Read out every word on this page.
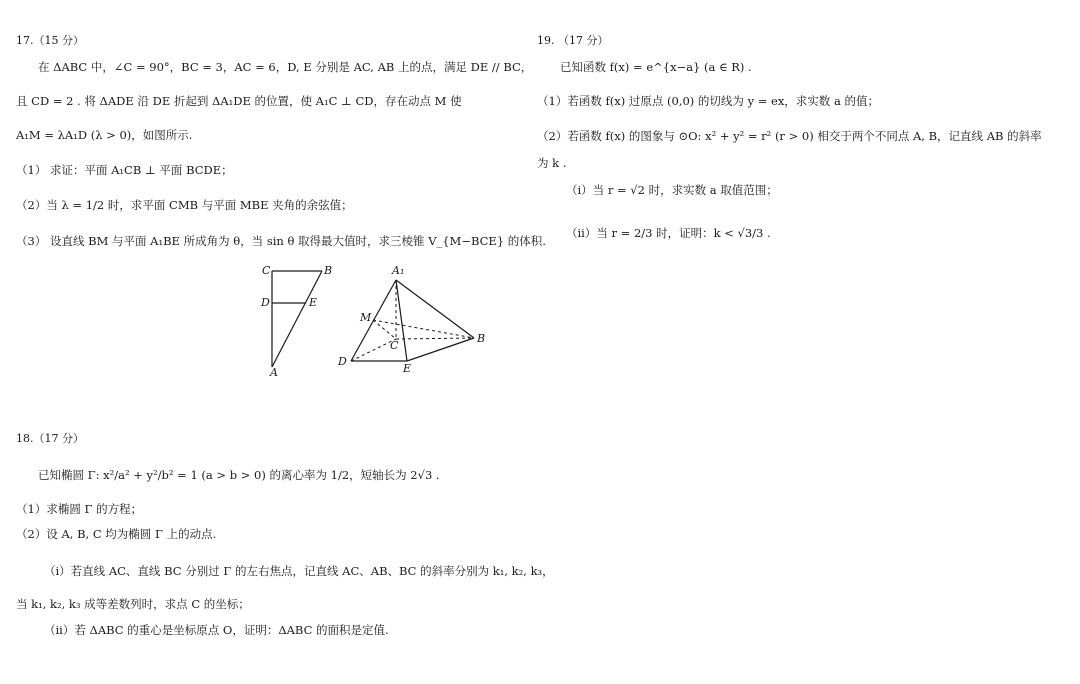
17.（15 分）
在 ΔABC 中，∠C = 90°，BC = 3，AC = 6，D, E 分别是 AC, AB 上的点，满足 DE // BC，
且 CD = 2 . 将 ΔADE 沿 DE 折起到 ΔA₁DE 的位置，使 A₁C ⊥ CD，存在动点 M 使
A₁M = λA₁D (λ > 0)，如图所示.
（1） 求证：平面 A₁CB ⊥ 平面 BCDE；
（2）当 λ = 1/2 时，求平面 CMB 与平面 MBE 夹角的余弦值；
（3） 设直线 BM 与平面 A₁BE 所成角为 θ，当 sin θ 取得最大值时，求三棱锥 V_{M−BCE} 的体积.
C	B
D	E
A
A₁
M
C
B
D
E
18.（17 分）
已知椭圆 Γ: x²/a² + y²/b² = 1 (a > b > 0) 的离心率为 1/2，短轴长为 2√3 .
（1）求椭圆 Γ 的方程；
（2）设 A, B, C 均为椭圆 Γ 上的动点.
（i）若直线 AC、直线 BC 分别过 Γ 的左右焦点，记直线 AC、AB、BC 的斜率分别为 k₁, k₂, k₃，
当 k₁, k₂, k₃ 成等差数列时，求点 C 的坐标；
（ii）若 ΔABC 的重心是坐标原点 O，证明：ΔABC 的面积是定值.
19. （17 分）
已知函数 f(x) = e^{x−a} (a ∈ R) .
（1）若函数 f(x) 过原点 (0,0) 的切线为 y = ex，求实数 a 的值；
（2）若函数 f(x) 的图象与 ⊙O: x² + y² = r² (r > 0) 相交于两个不同点 A, B，记直线 AB 的斜率
为 k .
（i）当 r = √2 时，求实数 a 取值范围；
（ii）当 r = 2/3 时，证明：k < √3/3 .
